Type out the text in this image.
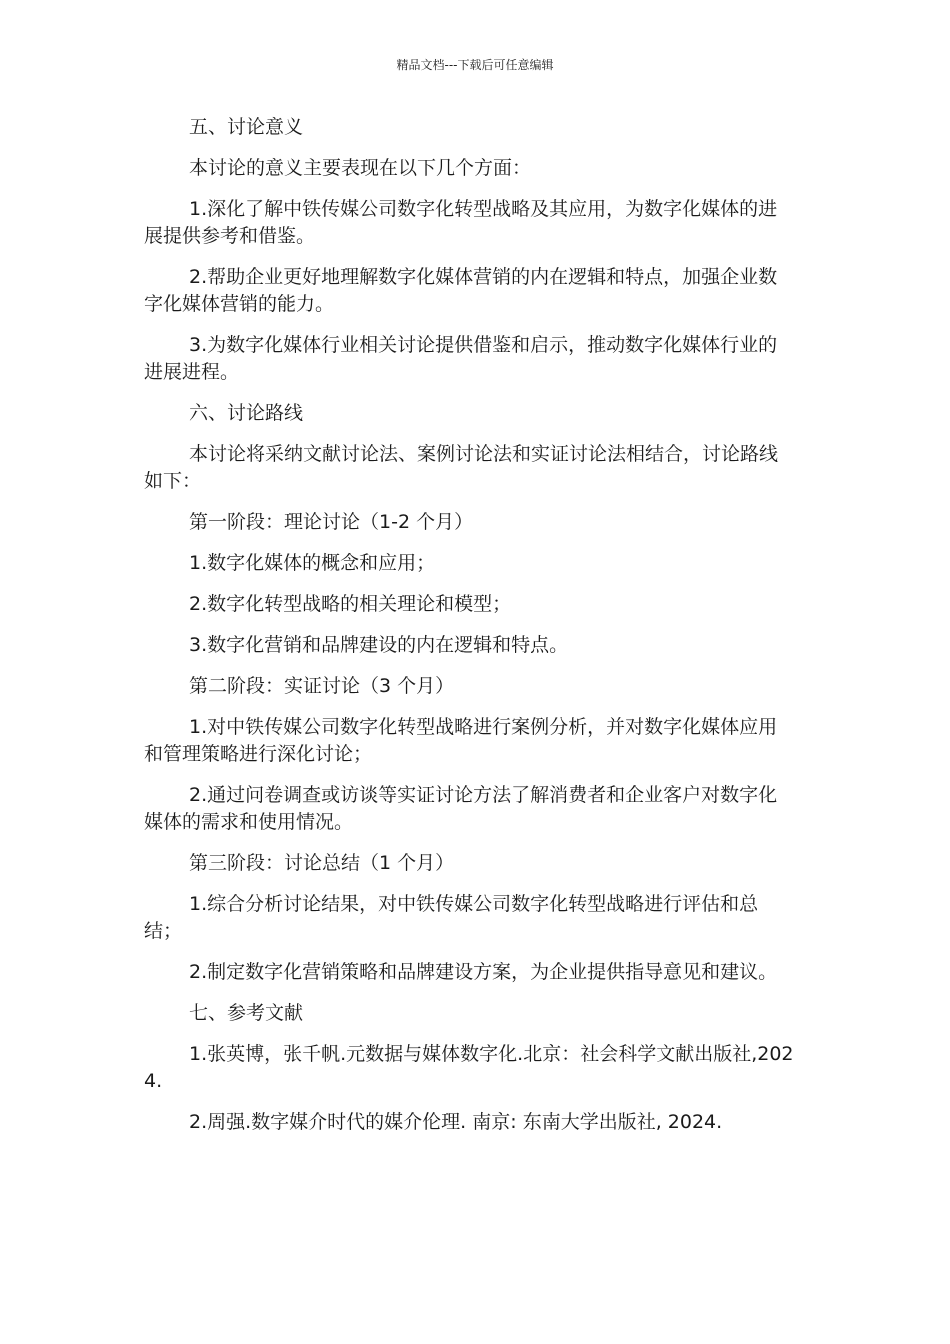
精品文档---下载后可任意编辑

五、讨论意义

本讨论的意义主要表现在以下几个方面：

1.深化了解中铁传媒公司数字化转型战略及其应用，为数字化媒体的进展提供参考和借鉴。

2.帮助企业更好地理解数字化媒体营销的内在逻辑和特点，加强企业数字化媒体营销的能力。

3.为数字化媒体行业相关讨论提供借鉴和启示，推动数字化媒体行业的进展进程。

六、讨论路线

本讨论将采纳文献讨论法、案例讨论法和实证讨论法相结合，讨论路线如下：

第一阶段：理论讨论（1-2 个月）

1.数字化媒体的概念和应用；

2.数字化转型战略的相关理论和模型；

3.数字化营销和品牌建设的内在逻辑和特点。

第二阶段：实证讨论（3 个月）

1.对中铁传媒公司数字化转型战略进行案例分析，并对数字化媒体应用和管理策略进行深化讨论；

2.通过问卷调查或访谈等实证讨论方法了解消费者和企业客户对数字化媒体的需求和使用情况。

第三阶段：讨论总结（1 个月）

1.综合分析讨论结果，对中铁传媒公司数字化转型战略进行评估和总结；

2.制定数字化营销策略和品牌建设方案，为企业提供指导意见和建议。

七、参考文献

1.张英博，张千帆.元数据与媒体数字化.北京：社会科学文献出版社,2024.

2.周强.数字媒介时代的媒介伦理. 南京: 东南大学出版社, 2024.
